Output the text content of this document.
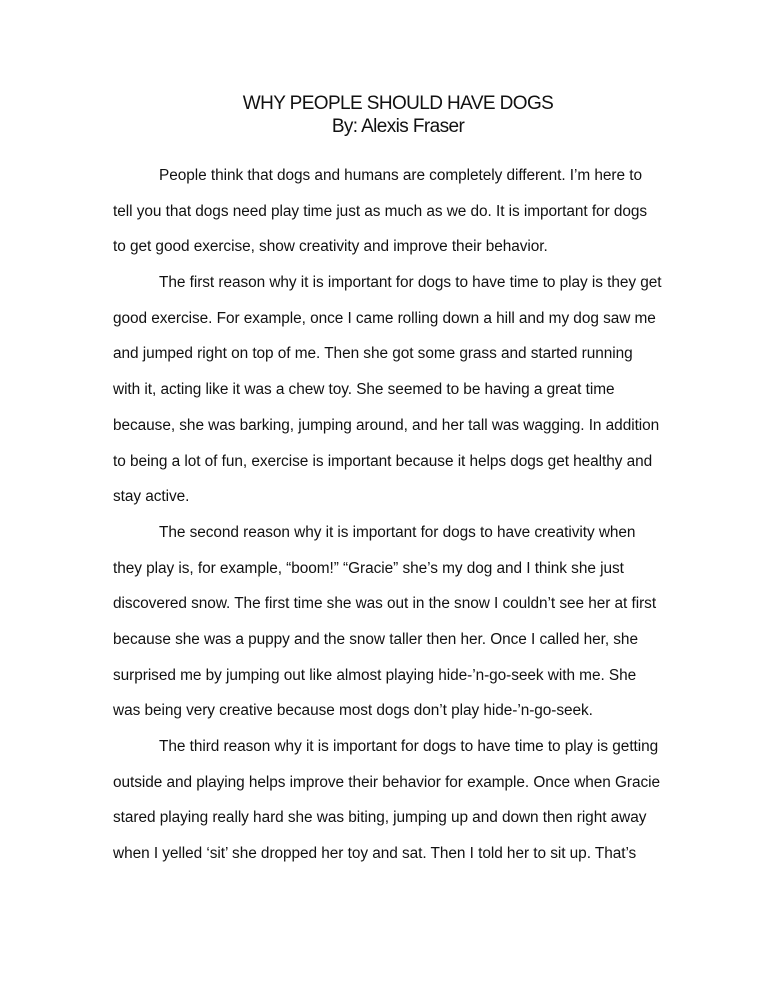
WHY PEOPLE SHOULD HAVE DOGS
By: Alexis Fraser
People think that dogs and humans are completely different. I’m here to
tell you that dogs need play time just as much as we do. It is important for dogs
to get good exercise, show creativity and improve their behavior.
The first reason why it is important for dogs to have time to play is they get
good exercise. For example, once I came rolling down a hill and my dog saw me
and jumped right on top of me. Then she got some grass and started running
with it, acting like it was a chew toy. She seemed to be having a great time
because, she was barking, jumping around, and her tall was wagging. In addition
to being a lot of fun, exercise is important because it helps dogs get healthy and
stay active.
The second reason why it is important for dogs to have creativity when
they play is, for example, “boom!” “Gracie” she’s my dog and I think she just
discovered snow. The first time she was out in the snow I couldn’t see her at first
because she was a puppy and the snow taller then her. Once I called her, she
surprised me by jumping out like almost playing hide-’n-go-seek with me. She
was being very creative because most dogs don’t play hide-’n-go-seek.
The third reason why it is important for dogs to have time to play is getting
outside and playing helps improve their behavior for example. Once when Gracie
stared playing really hard she was biting, jumping up and down then right away
when I yelled ‘sit’ she dropped her toy and sat. Then I told her to sit up. That’s
